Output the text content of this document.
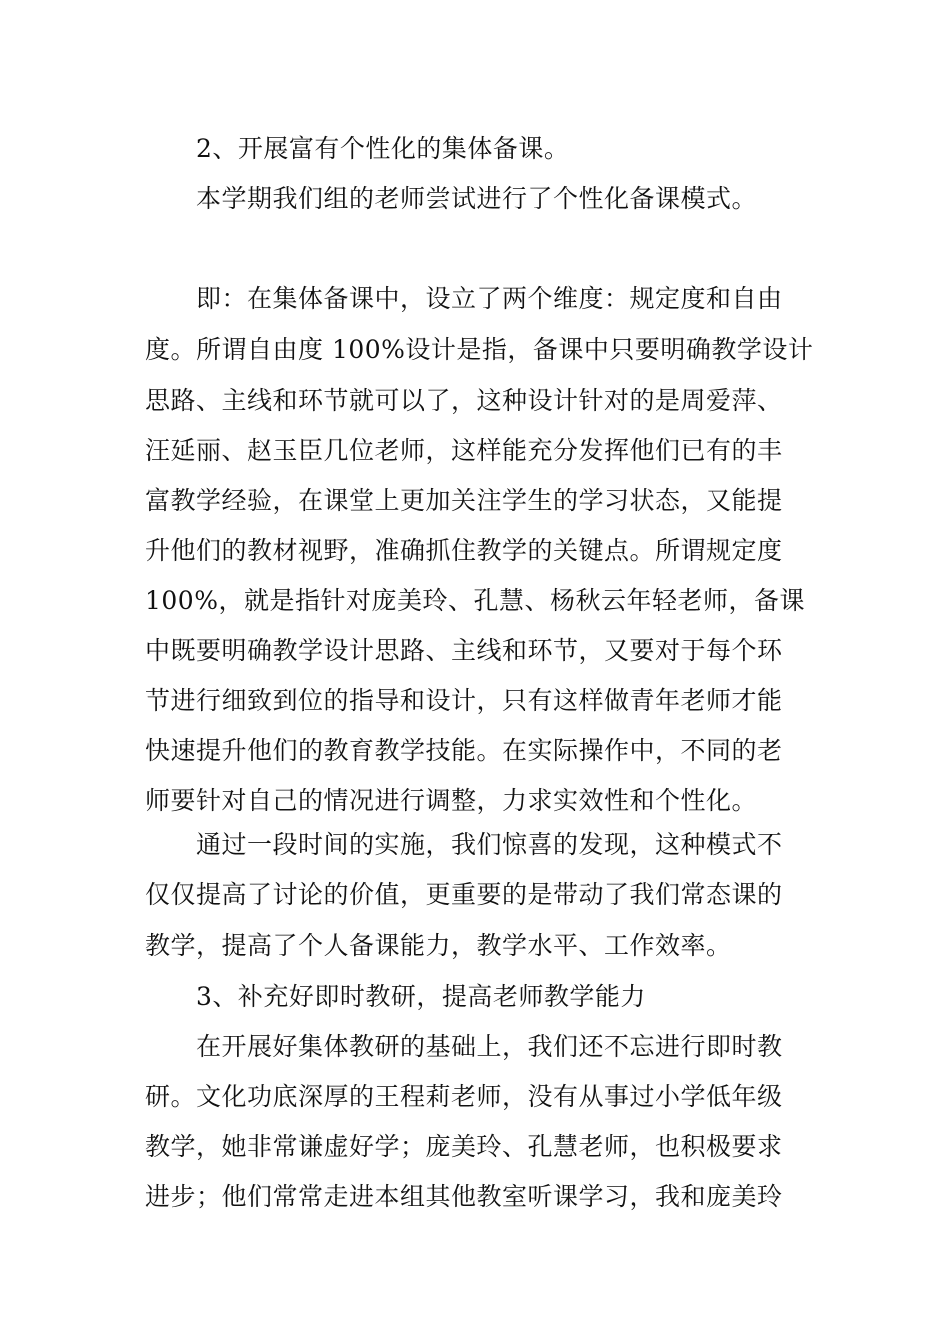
2、开展富有个性化的集体备课。
本学期我们组的老师尝试进行了个性化备课模式。
即：在集体备课中，设立了两个维度：规定度和自由
度。所谓自由度 100%设计是指，备课中只要明确教学设计
思路、主线和环节就可以了，这种设计针对的是周爱萍、
汪延丽、赵玉臣几位老师，这样能充分发挥他们已有的丰
富教学经验，在课堂上更加关注学生的学习状态，又能提
升他们的教材视野，准确抓住教学的关键点。所谓规定度
100%，就是指针对庞美玲、孔慧、杨秋云年轻老师，备课
中既要明确教学设计思路、主线和环节，又要对于每个环
节进行细致到位的指导和设计，只有这样做青年老师才能
快速提升他们的教育教学技能。在实际操作中，不同的老
师要针对自己的情况进行调整，力求实效性和个性化。
通过一段时间的实施，我们惊喜的发现，这种模式不
仅仅提高了讨论的价值，更重要的是带动了我们常态课的
教学，提高了个人备课能力，教学水平、工作效率。
3、补充好即时教研，提高老师教学能力
在开展好集体教研的基础上，我们还不忘进行即时教
研。文化功底深厚的王程莉老师，没有从事过小学低年级
教学，她非常谦虚好学；庞美玲、孔慧老师，也积极要求
进步；他们常常走进本组其他教室听课学习，我和庞美玲
